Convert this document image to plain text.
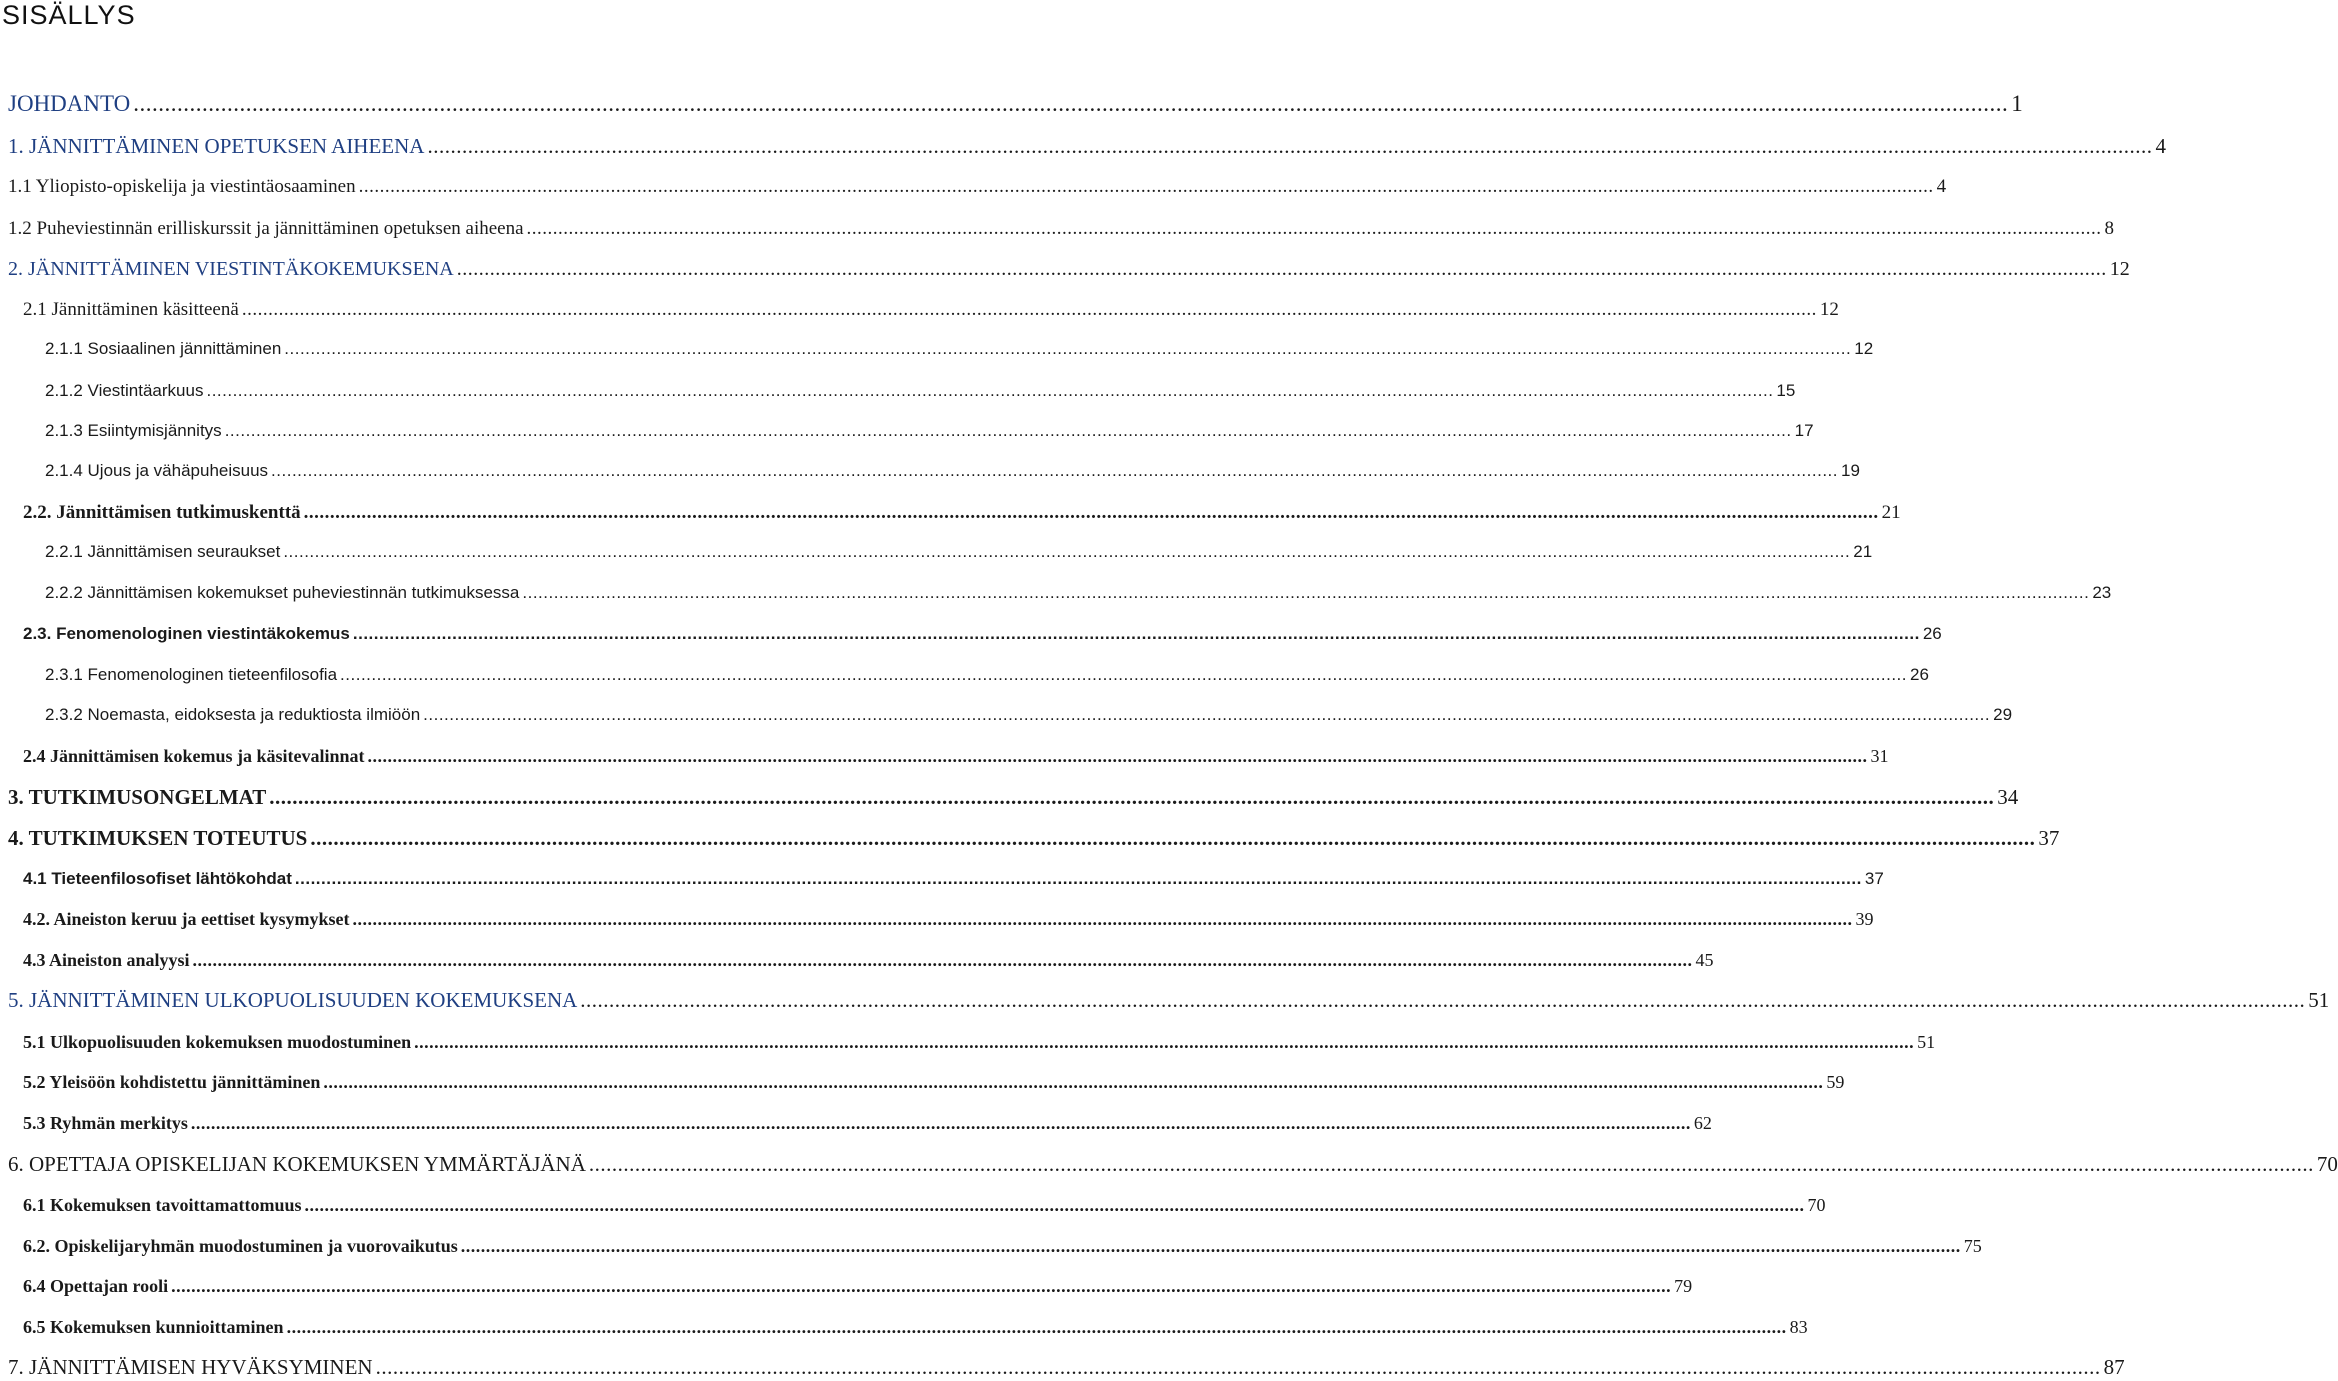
SISÄLLYS
JOHDANTO ............................................................................................................................................................................................................................................................................................................ 1
1. JÄNNITTÄMINEN OPETUKSEN AIHEENA ............................................................................................................................................................................................................................................................................................................ 4
1.1 Yliopisto-opiskelija ja viestintäosaaminen ............................................................................................................................................................................................................................................................................................................ 4
1.2 Puheviestinnän erilliskurssit ja jännittäminen opetuksen aiheena ............................................................................................................................................................................................................................................................................................................ 8
2. JÄNNITTÄMINEN VIESTINTÄKOKEMUKSENA ............................................................................................................................................................................................................................................................................................................ 12
2.1 Jännittäminen käsitteenä ............................................................................................................................................................................................................................................................................................................ 12
2.1.1 Sosiaalinen jännittäminen ............................................................................................................................................................................................................................................................................................................ 12
2.1.2 Viestintäarkuus ............................................................................................................................................................................................................................................................................................................ 15
2.1.3 Esiintymisjännitys ............................................................................................................................................................................................................................................................................................................ 17
2.1.4 Ujous ja vähäpuheisuus ............................................................................................................................................................................................................................................................................................................ 19
2.2. Jännittämisen tutkimuskenttä ............................................................................................................................................................................................................................................................................................................ 21
2.2.1 Jännittämisen seuraukset ............................................................................................................................................................................................................................................................................................................ 21
2.2.2 Jännittämisen kokemukset puheviestinnän tutkimuksessa ............................................................................................................................................................................................................................................................................................................ 23
2.3. Fenomenologinen viestintäkokemus ............................................................................................................................................................................................................................................................................................................ 26
2.3.1 Fenomenologinen tieteenfilosofia ............................................................................................................................................................................................................................................................................................................ 26
2.3.2 Noemasta, eidoksesta ja reduktiosta ilmiöön ............................................................................................................................................................................................................................................................................................................ 29
2.4 Jännittämisen kokemus ja käsitevalinnat ............................................................................................................................................................................................................................................................................................................ 31
3. TUTKIMUSONGELMAT ............................................................................................................................................................................................................................................................................................................ 34
4. TUTKIMUKSEN TOTEUTUS ............................................................................................................................................................................................................................................................................................................ 37
4.1 Tieteenfilosofiset lähtökohdat ............................................................................................................................................................................................................................................................................................................ 37
4.2. Aineiston keruu ja eettiset kysymykset ............................................................................................................................................................................................................................................................................................................ 39
4.3 Aineiston analyysi ............................................................................................................................................................................................................................................................................................................ 45
5. JÄNNITTÄMINEN ULKOPUOLISUUDEN KOKEMUKSENA ............................................................................................................................................................................................................................................................................................................ 51
5.1 Ulkopuolisuuden kokemuksen muodostuminen ............................................................................................................................................................................................................................................................................................................ 51
5.2 Yleisöön kohdistettu jännittäminen ............................................................................................................................................................................................................................................................................................................ 59
5.3 Ryhmän merkitys ............................................................................................................................................................................................................................................................................................................ 62
6. OPETTAJA OPISKELIJAN KOKEMUKSEN YMMÄRTÄJÄNÄ ............................................................................................................................................................................................................................................................................................................ 70
6.1 Kokemuksen tavoittamattomuus ............................................................................................................................................................................................................................................................................................................ 70
6.2. Opiskelijaryhmän muodostuminen ja vuorovaikutus ............................................................................................................................................................................................................................................................................................................ 75
6.4 Opettajan rooli ............................................................................................................................................................................................................................................................................................................ 79
6.5 Kokemuksen kunnioittaminen ............................................................................................................................................................................................................................................................................................................ 83
7. JÄNNITTÄMISEN HYVÄKSYMINEN ............................................................................................................................................................................................................................................................................................................ 87
